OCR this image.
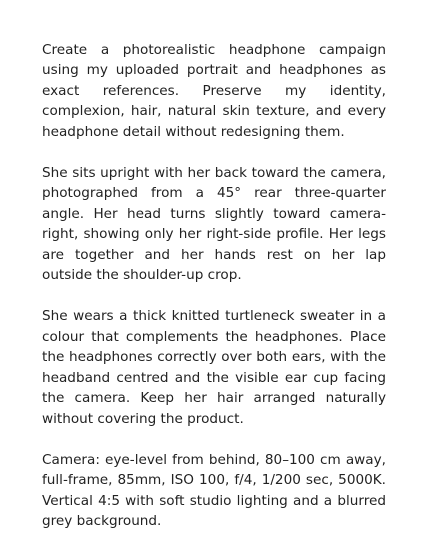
Create a photorealistic headphone campaign using my uploaded portrait and headphones as exact references. Preserve my identity, complexion, hair, natural skin texture, and every headphone detail without redesigning them.

She sits upright with her back toward the camera, photographed from a 45° rear three-quarter angle. Her head turns slightly toward camera-right, showing only her right-side profile. Her legs are together and her hands rest on her lap outside the shoulder-up crop.

She wears a thick knitted turtleneck sweater in a colour that complements the headphones. Place the headphones correctly over both ears, with the headband centred and the visible ear cup facing the camera. Keep her hair arranged naturally without covering the product.

Camera: eye-level from behind, 80–100 cm away, full-frame, 85mm, ISO 100, f/4, 1/200 sec, 5000K. Vertical 4:5 with soft studio lighting and a blurred grey background.
